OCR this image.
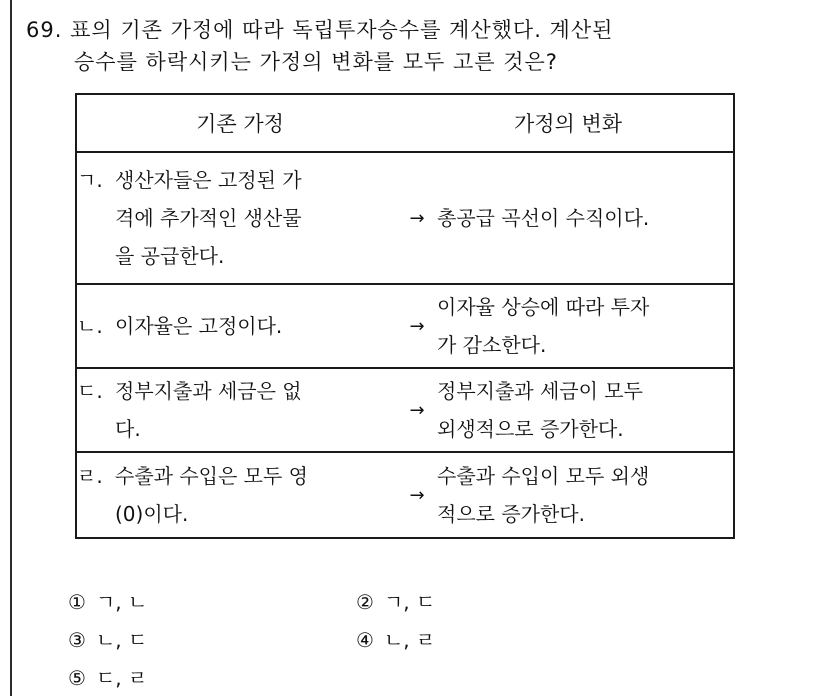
69. 표의 기존 가정에 따라 독립투자승수를 계산했다. 계산된
승수를 하락시키는 가정의 변화를 모두 고른 것은?
기존 가정	가정의 변화

ㄱ. 생산자들은 고정된 가
격에 추가적인 생산물
을 공급한다.
→ 총공급 곡선이 수직이다.

ㄴ. 이자율은 고정이다.	→
이자율 상승에 따라 투자
가 감소한다.

ㄷ. 정부지출과 세금은 없
다.
→
정부지출과 세금이 모두
외생적으로 증가한다.

ㄹ. 수출과 수입은 모두 영
(0)이다.
→
수출과 수입이 모두 외생
적으로 증가한다.
① ㄱ, ㄴ	② ㄱ, ㄷ
③ ㄴ, ㄷ	④ ㄴ, ㄹ
⑤ ㄷ, ㄹ
